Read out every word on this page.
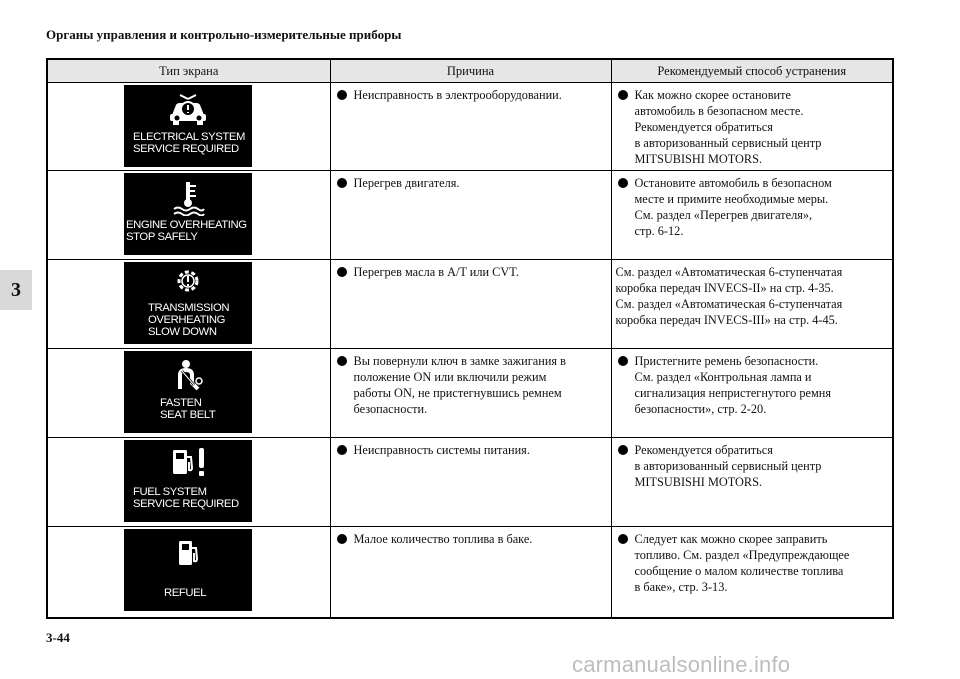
Органы управления и контрольно-измерительные приборы
3
Тип экрана	Причина	Рекомендуемый способ устранения

ELECTRICAL SYSTEM
SERVICE REQUIRED	Неисправность в электрооборудовании.	Как можно скорее остановите
автомобиль в безопасном месте.
Рекомендуется обратиться
в авторизованный сервисный центр
MITSUBISHI MOTORS.

ENGINE OVERHEATING
STOP SAFELY	Перегрев двигателя.	Остановите автомобиль в безопасном
месте и примите необходимые меры.
См. раздел «Перегрев двигателя»,
стр. 6-12.

TRANSMISSION
OVERHEATING
SLOW DOWN	Перегрев масла в A/T или CVT.	См. раздел «Автоматическая 6-ступенчатая
коробка передач INVECS-II» на стр. 4-35.
См. раздел «Автоматическая 6-ступенчатая
коробка передач INVECS-III» на стр. 4-45.

FASTEN
SEAT BELT	Вы повернули ключ в замке зажигания в
положение ON или включили режим
работы ON, не пристегнувшись ремнем
безопасности.	Пристегните ремень безопасности.
См. раздел «Контрольная лампа и
сигнализация непристегнутого ремня
безопасности», стр. 2-20.

FUEL SYSTEM
SERVICE REQUIRED	Неисправность системы питания.	Рекомендуется обратиться
в авторизованный сервисный центр
MITSUBISHI MOTORS.

REFUEL	Малое количество топлива в баке.	Следует как можно скорее заправить
топливо. См. раздел «Предупреждающее
сообщение о малом количестве топлива
в баке», стр. 3-13.
3-44
carmanualsonline.info
